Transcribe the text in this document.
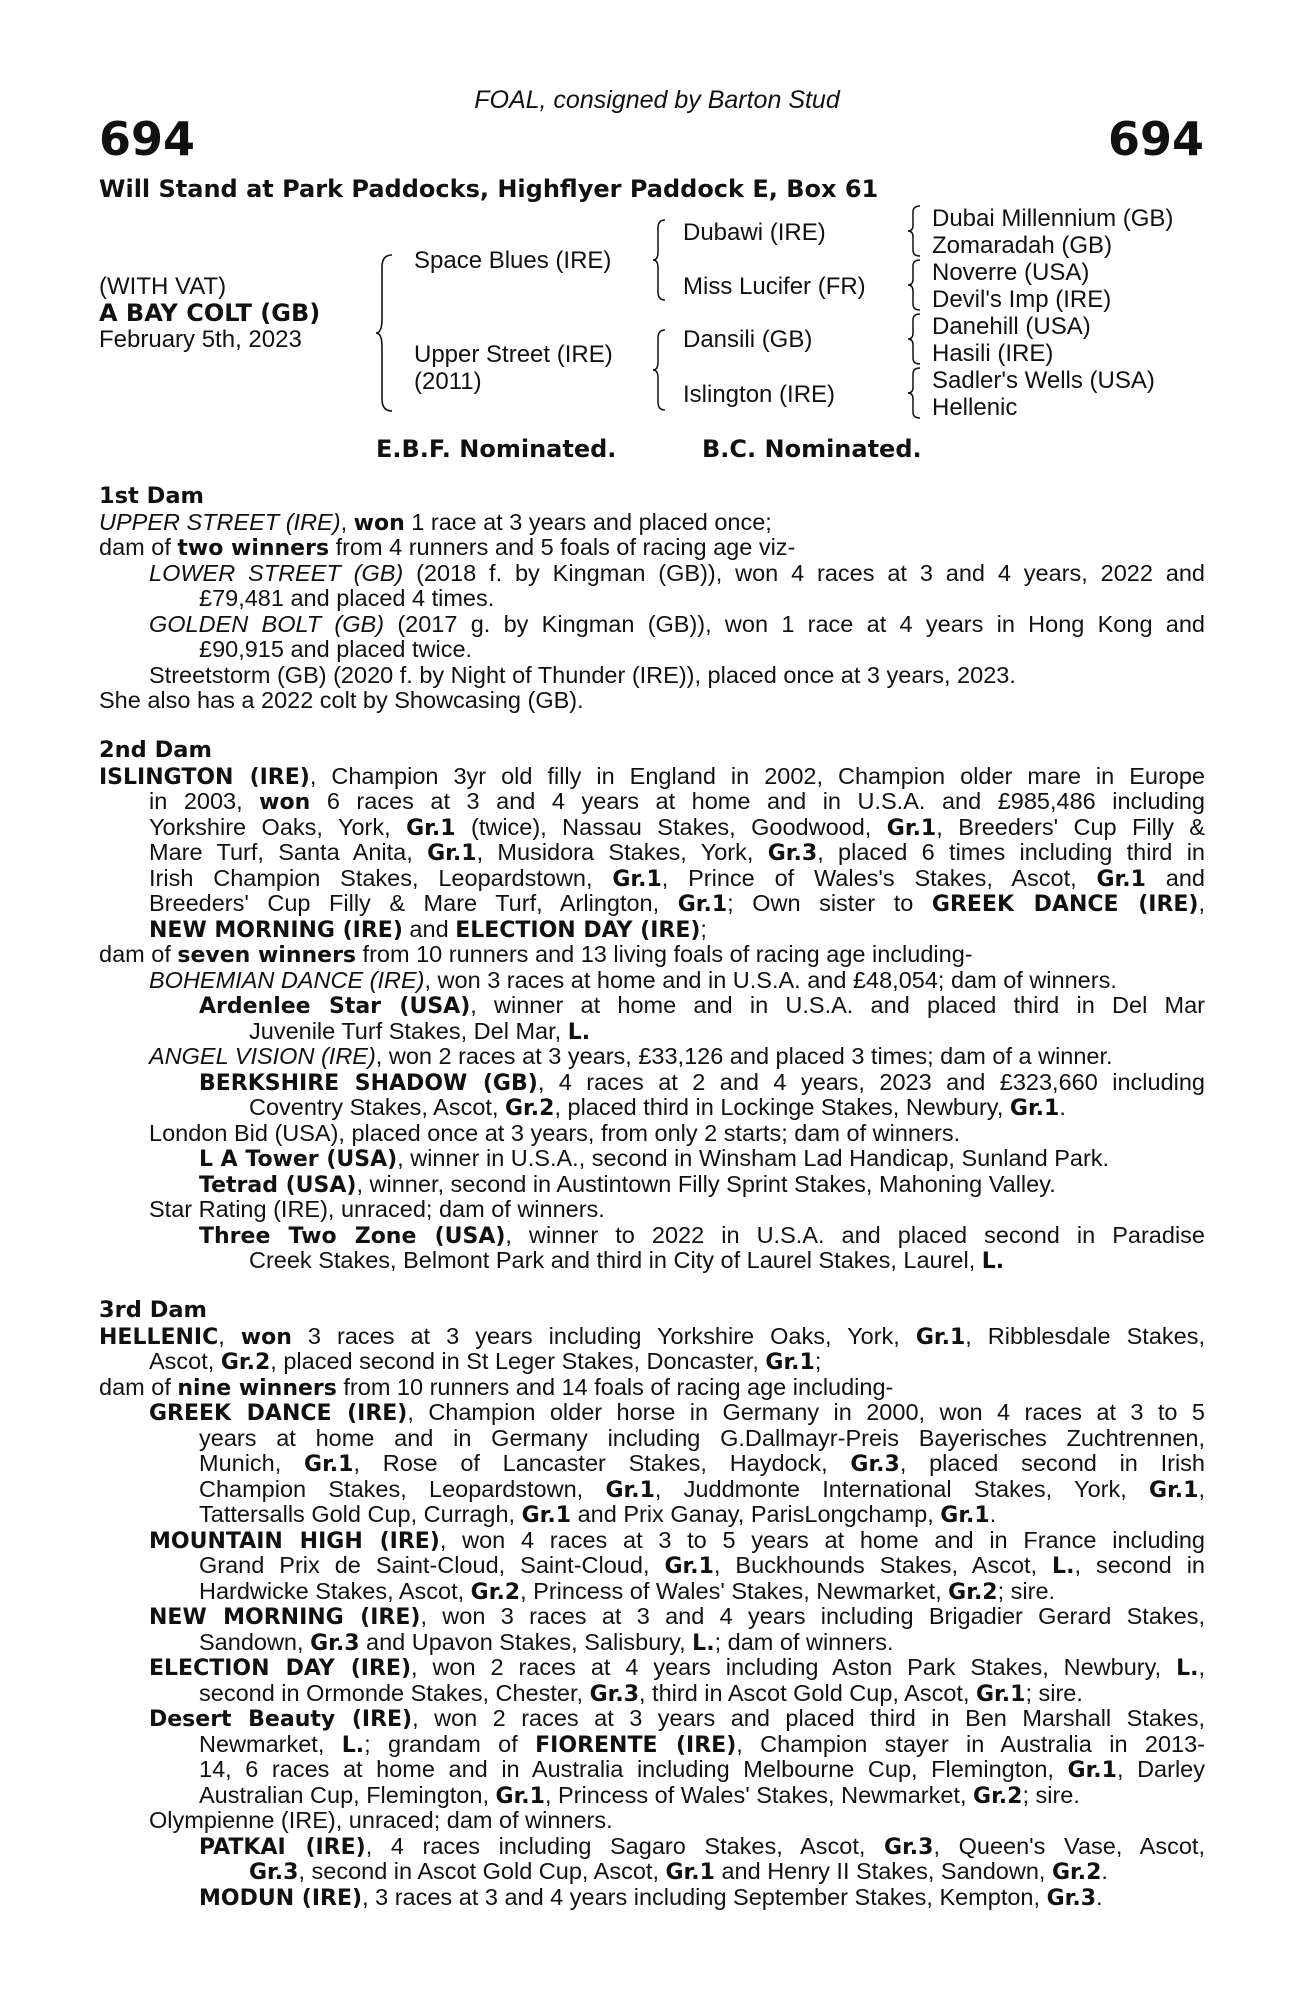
FOAL, consigned by Barton Stud
694	694
Will Stand at Park Paddocks, Highflyer Paddock E, Box 61
(WITH VAT)
A BAY COLT (GB)
February 5th, 2023
Space Blues (IRE)
Upper Street (IRE)
(2011)
Dubawi (IRE)
Miss Lucifer (FR)
Dansili (GB)
Islington (IRE)
Dubai Millennium (GB)
Zomaradah (GB)
Noverre (USA)
Devil's Imp (IRE)
Danehill (USA)
Hasili (IRE)
Sadler's Wells (USA)
Hellenic
E.B.F. Nominated.	B.C. Nominated.
1st Dam
UPPER STREET (IRE), won 1 race at 3 years and placed once;
dam of two winners from 4 runners and 5 foals of racing age viz-
LOWER STREET (GB) (2018 f. by Kingman (GB)), won 4 races at 3 and 4 years, 2022 and
£79,481 and placed 4 times.
GOLDEN BOLT (GB) (2017 g. by Kingman (GB)), won 1 race at 4 years in Hong Kong and
£90,915 and placed twice.
Streetstorm (GB) (2020 f. by Night of Thunder (IRE)), placed once at 3 years, 2023.
She also has a 2022 colt by Showcasing (GB).
2nd Dam
ISLINGTON (IRE), Champion 3yr old filly in England in 2002, Champion older mare in Europe
in 2003, won 6 races at 3 and 4 years at home and in U.S.A. and £985,486 including
Yorkshire Oaks, York, Gr.1 (twice), Nassau Stakes, Goodwood, Gr.1, Breeders' Cup Filly &
Mare Turf, Santa Anita, Gr.1, Musidora Stakes, York, Gr.3, placed 6 times including third in
Irish Champion Stakes, Leopardstown, Gr.1, Prince of Wales's Stakes, Ascot, Gr.1 and
Breeders' Cup Filly & Mare Turf, Arlington, Gr.1; Own sister to GREEK DANCE (IRE),
NEW MORNING (IRE) and ELECTION DAY (IRE);
dam of seven winners from 10 runners and 13 living foals of racing age including-
BOHEMIAN DANCE (IRE), won 3 races at home and in U.S.A. and £48,054; dam of winners.
Ardenlee Star (USA), winner at home and in U.S.A. and placed third in Del Mar
Juvenile Turf Stakes, Del Mar, L.
ANGEL VISION (IRE), won 2 races at 3 years, £33,126 and placed 3 times; dam of a winner.
BERKSHIRE SHADOW (GB), 4 races at 2 and 4 years, 2023 and £323,660 including
Coventry Stakes, Ascot, Gr.2, placed third in Lockinge Stakes, Newbury, Gr.1.
London Bid (USA), placed once at 3 years, from only 2 starts; dam of winners.
L A Tower (USA), winner in U.S.A., second in Winsham Lad Handicap, Sunland Park.
Tetrad (USA), winner, second in Austintown Filly Sprint Stakes, Mahoning Valley.
Star Rating (IRE), unraced; dam of winners.
Three Two Zone (USA), winner to 2022 in U.S.A. and placed second in Paradise
Creek Stakes, Belmont Park and third in City of Laurel Stakes, Laurel, L.
3rd Dam
HELLENIC, won 3 races at 3 years including Yorkshire Oaks, York, Gr.1, Ribblesdale Stakes,
Ascot, Gr.2, placed second in St Leger Stakes, Doncaster, Gr.1;
dam of nine winners from 10 runners and 14 foals of racing age including-
GREEK DANCE (IRE), Champion older horse in Germany in 2000, won 4 races at 3 to 5
years at home and in Germany including G.Dallmayr-Preis Bayerisches Zuchtrennen,
Munich, Gr.1, Rose of Lancaster Stakes, Haydock, Gr.3, placed second in Irish
Champion Stakes, Leopardstown, Gr.1, Juddmonte International Stakes, York, Gr.1,
Tattersalls Gold Cup, Curragh, Gr.1 and Prix Ganay, ParisLongchamp, Gr.1.
MOUNTAIN HIGH (IRE), won 4 races at 3 to 5 years at home and in France including
Grand Prix de Saint-Cloud, Saint-Cloud, Gr.1, Buckhounds Stakes, Ascot, L., second in
Hardwicke Stakes, Ascot, Gr.2, Princess of Wales' Stakes, Newmarket, Gr.2; sire.
NEW MORNING (IRE), won 3 races at 3 and 4 years including Brigadier Gerard Stakes,
Sandown, Gr.3 and Upavon Stakes, Salisbury, L.; dam of winners.
ELECTION DAY (IRE), won 2 races at 4 years including Aston Park Stakes, Newbury, L.,
second in Ormonde Stakes, Chester, Gr.3, third in Ascot Gold Cup, Ascot, Gr.1; sire.
Desert Beauty (IRE), won 2 races at 3 years and placed third in Ben Marshall Stakes,
Newmarket, L.; grandam of FIORENTE (IRE), Champion stayer in Australia in 2013-
14, 6 races at home and in Australia including Melbourne Cup, Flemington, Gr.1, Darley
Australian Cup, Flemington, Gr.1, Princess of Wales' Stakes, Newmarket, Gr.2; sire.
Olympienne (IRE), unraced; dam of winners.
PATKAI (IRE), 4 races including Sagaro Stakes, Ascot, Gr.3, Queen's Vase, Ascot,
Gr.3, second in Ascot Gold Cup, Ascot, Gr.1 and Henry II Stakes, Sandown, Gr.2.
MODUN (IRE), 3 races at 3 and 4 years including September Stakes, Kempton, Gr.3.
